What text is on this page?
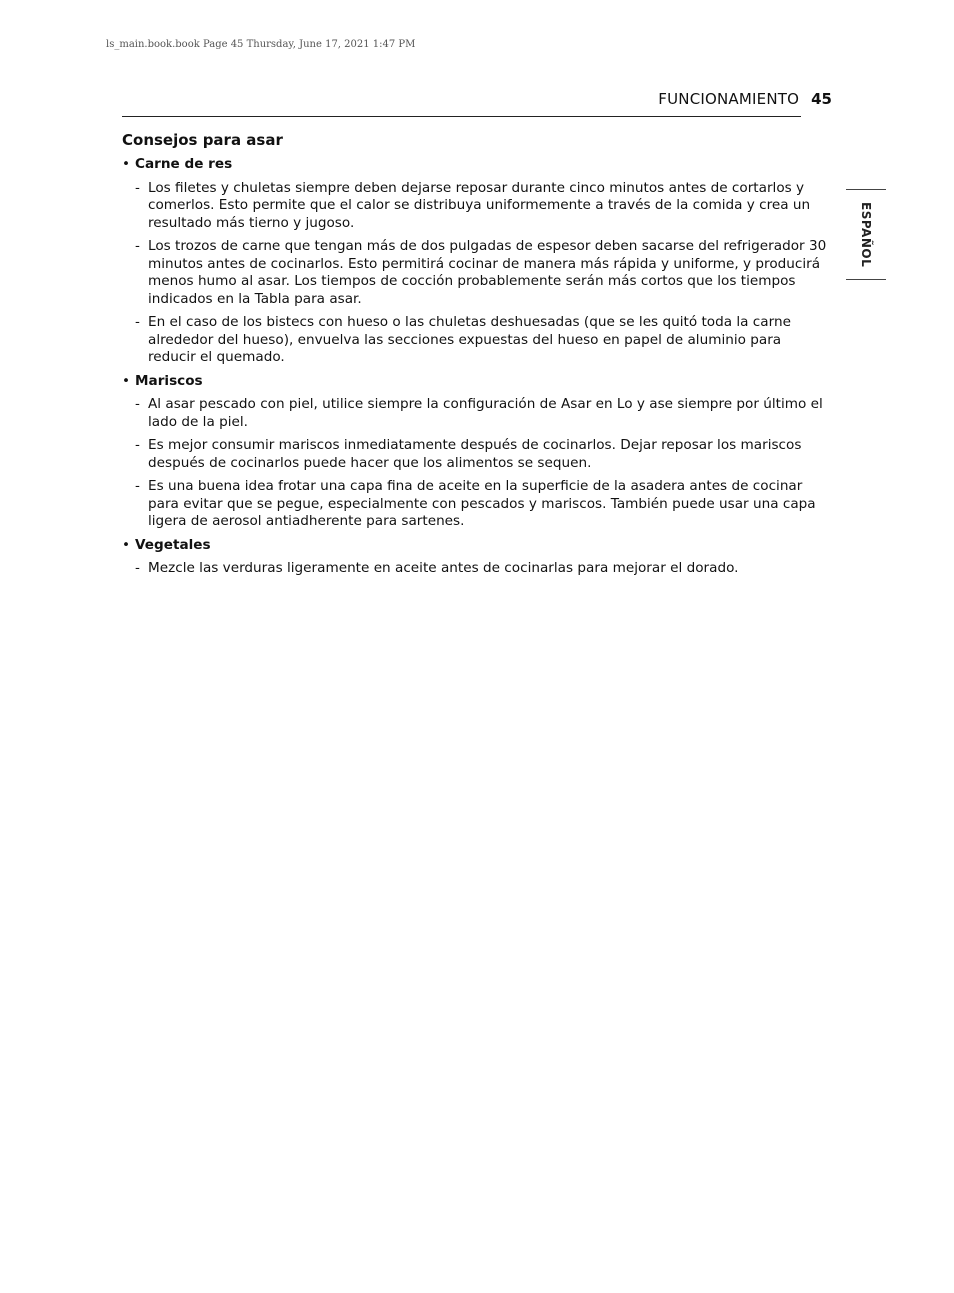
ls_main.book.book Page 45 Thursday, June 17, 2021 1:47 PM
FUNCIONAMIENTO 45
ESPAÑOL
Consejos para asar
• Carne de res
- Los filetes y chuletas siempre deben dejarse reposar durante cinco minutos antes de cortarlos y comerlos. Esto permite que el calor se distribuya uniformemente a través de la comida y crea un resultado más tierno y jugoso.
- Los trozos de carne que tengan más de dos pulgadas de espesor deben sacarse del refrigerador 30 minutos antes de cocinarlos. Esto permitirá cocinar de manera más rápida y uniforme, y producirá menos humo al asar. Los tiempos de cocción probablemente serán más cortos que los tiempos indicados en la Tabla para asar.
- En el caso de los bistecs con hueso o las chuletas deshuesadas (que se les quitó toda la carne alrededor del hueso), envuelva las secciones expuestas del hueso en papel de aluminio para reducir el quemado.
• Mariscos
- Al asar pescado con piel, utilice siempre la configuración de Asar en Lo y ase siempre por último el lado de la piel.
- Es mejor consumir mariscos inmediatamente después de cocinarlos. Dejar reposar los mariscos después de cocinarlos puede hacer que los alimentos se sequen.
- Es una buena idea frotar una capa fina de aceite en la superficie de la asadera antes de cocinar para evitar que se pegue, especialmente con pescados y mariscos. También puede usar una capa ligera de aerosol antiadherente para sartenes.
• Vegetales
- Mezcle las verduras ligeramente en aceite antes de cocinarlas para mejorar el dorado.
